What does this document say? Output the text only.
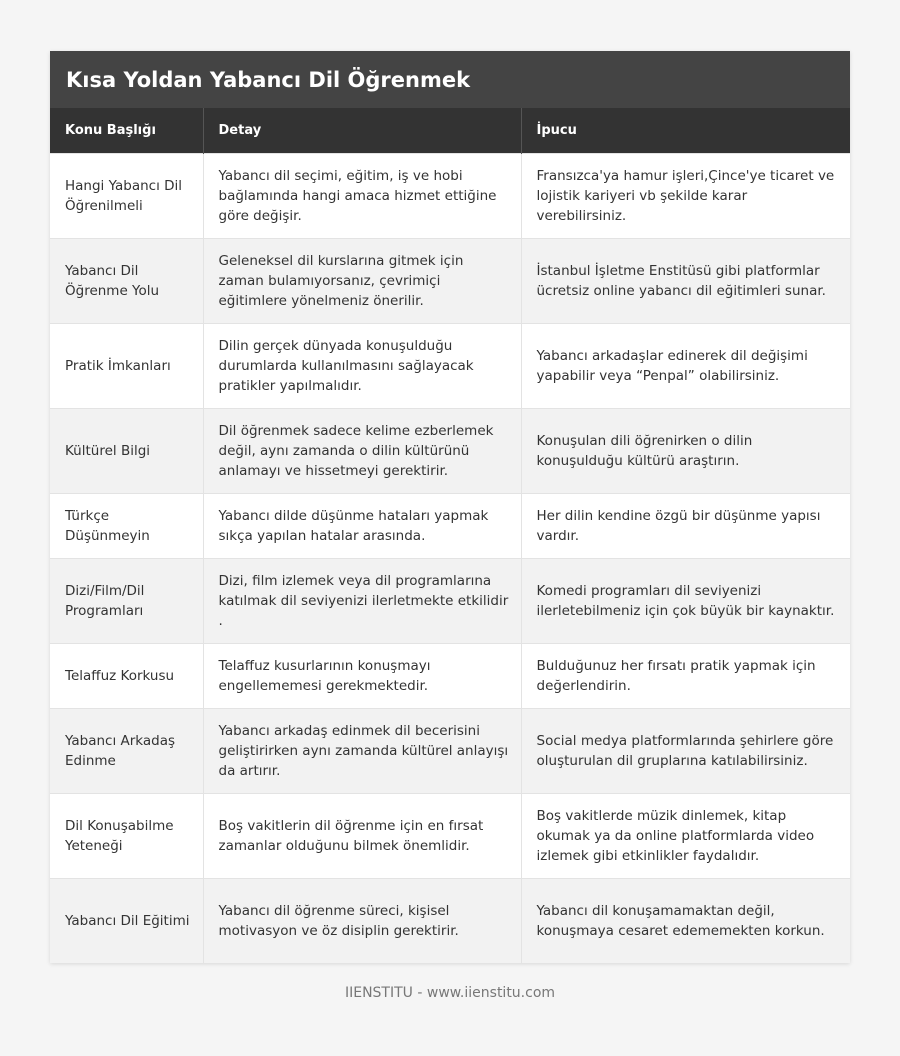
Kısa Yoldan Yabancı Dil Öğrenmek
Konu Başlığı	Detay	İpucu
Hangi Yabancı Dil Öğrenilmeli	Yabancı dil seçimi, eğitim, iş ve hobi bağlamında hangi amaca hizmet ettiğine göre değişir.	Fransızca'ya hamur işleri,Çince'ye ticaret ve lojistik kariyeri vb şekilde karar verebilirsiniz.
Yabancı Dil Öğrenme Yolu	Geleneksel dil kurslarına gitmek için zaman bulamıyorsanız, çevrimiçi eğitimlere yönelmeniz önerilir.	İstanbul İşletme Enstitüsü gibi platformlar ücretsiz online yabancı dil eğitimleri sunar.
Pratik İmkanları	Dilin gerçek dünyada konuşulduğu durumlarda kullanılmasını sağlayacak pratikler yapılmalıdır.	Yabancı arkadaşlar edinerek dil değişimi yapabilir veya “Penpal” olabilirsiniz.
Kültürel Bilgi	Dil öğrenmek sadece kelime ezberlemek değil, aynı zamanda o dilin kültürünü anlamayı ve hissetmeyi gerektirir.	Konuşulan dili öğrenirken o dilin konuşulduğu kültürü araştırın.
Türkçe Düşünmeyin	Yabancı dilde düşünme hataları yapmak sıkça yapılan hatalar arasında.	Her dilin kendine özgü bir düşünme yapısı vardır.
Dizi/Film/Dil Programları	Dizi, film izlemek veya dil programlarına katılmak dil seviyenizi ilerletmekte etkilidir .	Komedi programları dil seviyenizi ilerletebilmeniz için çok büyük bir kaynaktır.
Telaffuz Korkusu	Telaffuz kusurlarının konuşmayı engellememesi gerekmektedir.	Bulduğunuz her fırsatı pratik yapmak için değerlendirin.
Yabancı Arkadaş Edinme	Yabancı arkadaş edinmek dil becerisini geliştirirken aynı zamanda kültürel anlayışı da artırır.	Social medya platformlarında şehirlere göre oluşturulan dil gruplarına katılabilirsiniz.
Dil Konuşabilme Yeteneği	Boş vakitlerin dil öğrenme için en fırsat zamanlar olduğunu bilmek önemlidir.	Boş vakitlerde müzik dinlemek, kitap okumak ya da online platformlarda video izlemek gibi etkinlikler faydalıdır.
Yabancı Dil Eğitimi	Yabancı dil öğrenme süreci, kişisel motivasyon ve öz disiplin gerektirir.	Yabancı dil konuşamamaktan değil, konuşmaya cesaret edememekten korkun.
IIENSTITU - www.iienstitu.com
